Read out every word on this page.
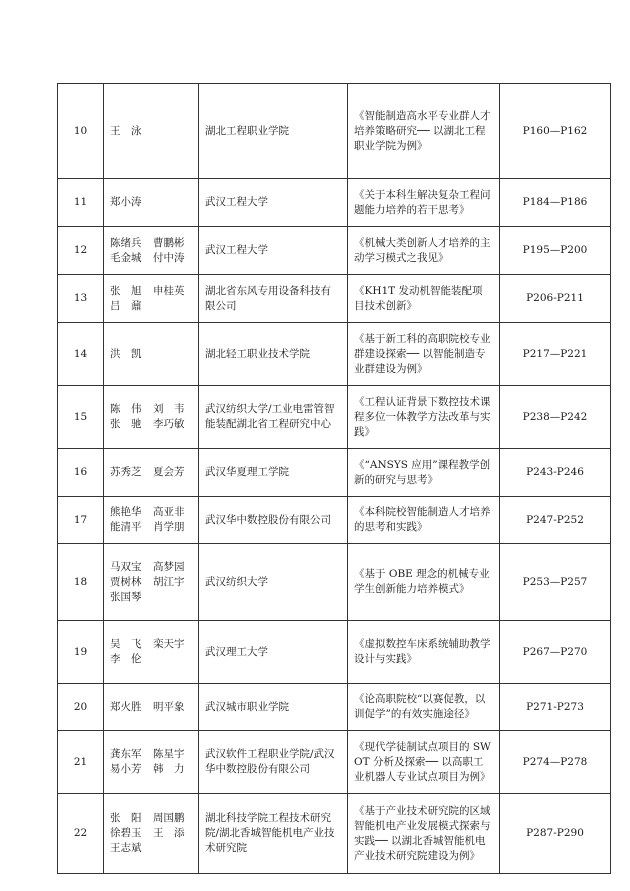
10	王　泳	湖北工程职业学院	《智能制造高水平专业群人才培养策略研究── 以湖北工程职业学院为例》	P160—P162
11	郑小涛	武汉工程大学	《关于本科生解决复杂工程问题能力培养的若干思考》	P184—P186
12	陈绪兵 曹鹏彬
毛金城 付中涛	武汉工程大学	《机械大类创新人才培养的主动学习模式之我见》	P195—P200
13	张　旭 申桂英
吕　鼐	湖北省东风专用设备科技有限公司	《KH1T 发动机智能装配项目技术创新》	P206-P211
14	洪　凯	湖北轻工职业技术学院	《基于新工科的高职院校专业群建设探索── 以智能制造专业群建设为例》	P217—P221
15	陈　伟 刘　韦
张　驰 李巧敏	武汉纺织大学/工业电雷管智能装配湖北省工程研究中心	《工程认证背景下数控技术课程多位一体教学方法改革与实践》	P238—P242
16	苏秀芝 夏会芳	武汉华夏理工学院	《“ANSYS 应用”课程教学创新的研究与思考》	P243-P246
17	熊艳华 高亚非
能清平 肖学朋	武汉华中数控股份有限公司	《本科院校智能制造人才培养的思考和实践》	P247-P252
18	马双宝 高梦园
贾树林 胡江宇
张国琴	武汉纺织大学	《基于 OBE 理念的机械专业学生创新能力培养模式》	P253—P257
19	吴　飞 栾天宇
李　伦	武汉理工大学	《虚拟数控车床系统辅助教学设计与实践》	P267—P270
20	郑火胜 明平象	武汉城市职业学院	《论高职院校“以赛促教，以训促学”的有效实施途径》	P271-P273
21	龚东军 陈星宇
易小芳 韩　力	武汉软件工程职业学院/武汉华中数控股份有限公司	《现代学徒制试点项目的 SWOT 分析及探索── 以高职工业机器人专业试点项目为例》	P274—P278
22	张　阳 周国鹏
徐碧玉 王　添
王志斌	湖北科技学院工程技术研究院/湖北香城智能机电产业技术研究院	《基于产业技术研究院的区域智能机电产业发展模式探索与实践── 以湖北香城智能机电产业技术研究院建设为例》	P287-P290
